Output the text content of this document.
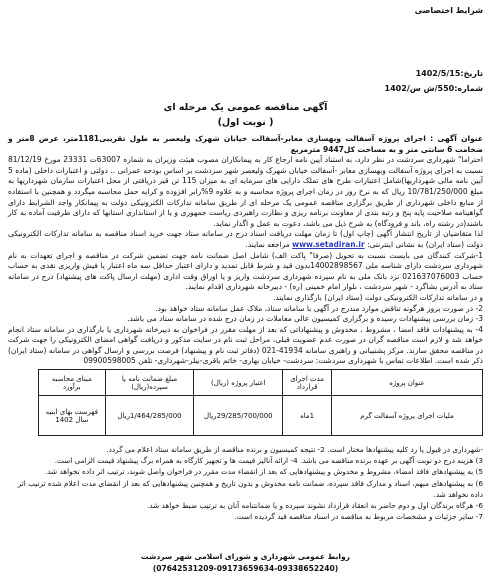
شرایط اختصاصی
تاریخ:1402/5/15
شماره:550/ش س/1402
آگهی مناقصه عمومی یک مرحله ای
( نوبت اول)

عنوان آگهی : اجرای پروژه آسفالت وبهسازی معابر-آسفالت خیابان شهرک ولیعصر به طول تقریبی1181متر، عرض 8متر و ضخامت 6 سانتی متر و به مساحت کل9447 مترمربع

احتراما" شهرداری سردشت در نظر دارد، به استناد آیین نامه ارجاع کار به پیمانکاران مصوب هیئت وزیران به شماره 63007ت 23331 مورخ 81/12/19 نسبت به اجرای پروژه آسفالت وبهسازی معابر -آسفالت خیابان شهرک ولیعصر شهر سردشت بر اساس بودجه عمرانی .. دولتی و اعتبارات داخلی (ماده 5 آیین نامه مالی شهرداریها)شامل اعتبارات طرح های تملک دارایی های سرمایه ای به میزان 115 تن قیر دریافتی از محل اعتبارات سازمان شهرداریها به مبلغ 10/781/250/000 ریال که به نرخ روز در زمان اجرای پروژه محاسبه و به علاوه 9%رابر افزوده و کرایه حمل محاسبه میگردد و همچنین با استفاده از منابع داخلی شهرداری از طریق برگزاری مناقصه عمومی یک مرحله ای از طریق سامانه تدارکات الکترونیکی دولت به پیمانکار واجد الشرایط دارای گواهینامه صلاحیت پایه پنج و رتبه بندی از معاونت برنامه ریزی و نظارت راهبردی ریاست جمهوری و یا از استانداری استانها که دارای ظرفیت آماده به کار باشند(در رشته راه، باند و فرودگاه) به شرح ذیل می باشد، دعوت به عمل و اگذار نماید.

لذا متقاضیان از تاریخ انتشار آگهی (چاپ اول) تا زمان مهلت دریافت اسناد درج در سامانه ستاد جهت خرید اسناد مناقصه به سامانه تدارکات الکترونیکی دولت (ستاد ایران) به نشانی اینترنتی: www.setadiran.ir مراجعه نمایند.

1-شرکت کنندگان می بایست نسبت به تحویل (صرفا" پاکت الف) شامل اصل ضمانت نامه جهت تضمین شرکت در مناقصه و اجرای تعهدات به نام شهرداری سردشت دارای شناسه ملی 14002898567بدون قید و شرط قابل تمدید و دارای اعتبار حداقل سه ماه اعتبار یا فیش واریزی نقدی به حساب حساب 021637076003 نزد بانک ملی به نام سپرده شهرداری سردشت واریز و یا اوراق وقت اداری (مهلت ارسال پاکت های پیشنهاد) درج در سامانه ستاد به آدرس بشاگرد - شهر سردشت ، بلوار امام خمینی (ره) - دبیرخانه شهرداری اقدام نمایند.

و در سامانه تدارکات الکترونیکی دولت (ستاد ایران) بارگذاری نمایند.

2- در صورت بروز هرگونه تناقض موارد مندرج در آگهی با سامانه ستاد، ملاک عمل سامانه ستاد خواهد بود.

3- زمان بررسی پیشنهادات رسیده و برگزاری کمیسیون عالی معاملات در زمان درج شده در سامانه ستاد می باشد.

4- به پیشنهادات فاقد امضا ، مشروط ، مخدوش و پیشنهاداتی که بعد از مهلت مقرر در فراخوان به دبیرخانه شهرداری یا بارگذاری در سامانه ستاد انجام خواهد شد و لازم است مناقصه گران در صورت عدم عضویت قبلی، مراحل ثبت نام در سایت مذکور و دریافت گواهی امضای الکترونیکی را جهت شرکت در مناقصه محقق سازند. مرکز پشتیبانی و راهبری سامانه 41934-021 (دفاتر ثبت نام و پیشنهاد) فرصت بررسی و ارسال گواهی در سامانه (ستاد ایران) ذکر شده است. اطلاعات تماس با شهرداری سردشت: سردشت- خیابان بهاری- خاتم باقری-بیلر-شهرداری- تلفن 09900598005

عنوان پروژه	مدت اجرای قرارداد	اعتبار پروژه (ریال)	مبلغ ضمانت نامه یا سپرده(ریال)	مبنای محاسبه برآورد
ملیات اجرای پروژه آسفالت گرم	1ماه	29/285/700/000ریال	1/464/285/000ریال	فهرست بهای ابنیه سال 1402
-شهرداری در قبول یا رد کلیه پیشنهادها مختار است. 2- نتیجه کمیسیون و برنده مناقصه از طریق سامانه ستاد اعلام می گردد.
3) هزینه درج دو نوبت آگهی بر عهده برنده مناقصه می باشد. 4- ارائه آنالیز قیمت ها و تجهیز کارگاه به همراه برگ پیشنهاد قیمت الزامی است.
5) به پیشنهادهای فاقد امضاء، مشروط و مخدوش و پیشنهادهایی که بعد از انقضاء مدت مقرر در فراخوان واصل شوند، ترتیب اثر داده نخواهد شد.
6) به پیشنهادهای مبهم، اسناد و مدارک فاقد سپرده، ضمانت نامه مخدوش و بدون تاریخ و همچنین پیشنهادهایی که بعد از انقضای مدت اعلام شده ترتیب اثر داده نخواهد شد.
6- هرگاه برندگان اول و دوم حاضر به انعقاد قرارداد نشوند سپرده و یا ضمانتنامه آنان به ترتیب ضبط خواهد شد.
7- سایر جزئیات و مشخصات مربوط به مناقصه در اسناد مناقصه قید گردیده است.
روابط عمومی شهرداری و شورای اسلامی شهر سردشت
(07642531209-09173659634-09338652240)
